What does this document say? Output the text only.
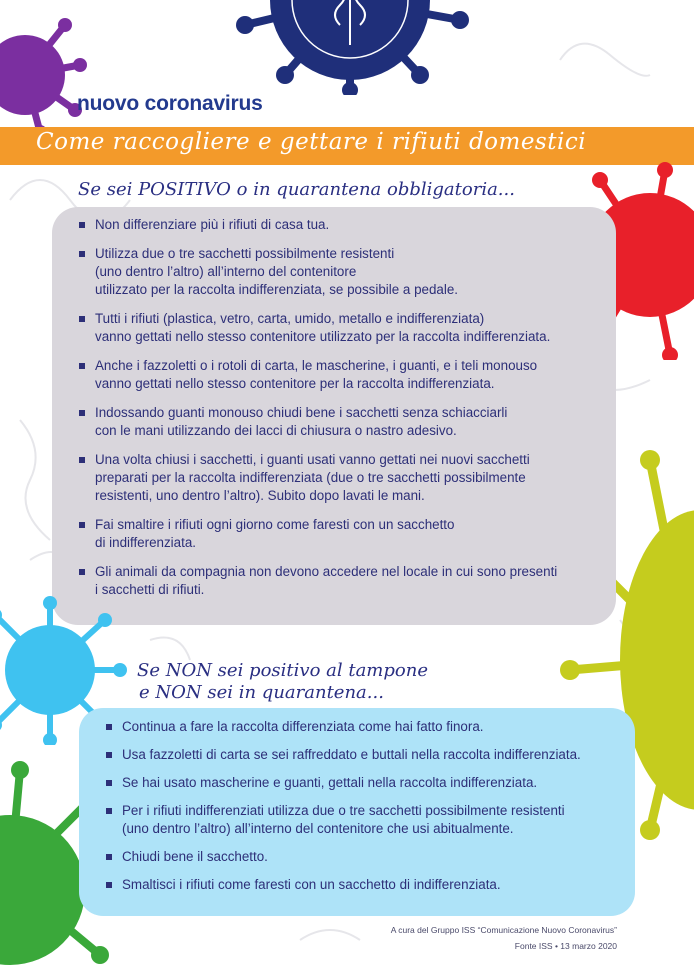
nuovo coronavirus
Come raccogliere e gettare i rifiuti domestici
Se sei POSITIVO o in quarantena obbligatoria...
Non differenziare più i rifiuti di casa tua.
Utilizza due o tre sacchetti possibilmente resistenti
(uno dentro l’altro) all’interno del contenitore
utilizzato per la raccolta indifferenziata, se possibile a pedale.
Tutti i rifiuti (plastica, vetro, carta, umido, metallo e indifferenziata)
vanno gettati nello stesso contenitore utilizzato per la raccolta indifferenziata.
Anche i fazzoletti o i rotoli di carta, le mascherine, i guanti, e i teli monouso
vanno gettati nello stesso contenitore per la raccolta indifferenziata.
Indossando guanti monouso chiudi bene i sacchetti senza schiacciarli
con le mani utilizzando dei lacci di chiusura o nastro adesivo.
Una volta chiusi i sacchetti, i guanti usati vanno gettati nei nuovi sacchetti
preparati per la raccolta indifferenziata (due o tre sacchetti possibilmente
resistenti, uno dentro l’altro). Subito dopo lavati le mani.
Fai smaltire i rifiuti ogni giorno come faresti con un sacchetto
di indifferenziata.
Gli animali da compagnia non devono accedere nel locale in cui sono presenti
i sacchetti di rifiuti.
Se NON sei positivo al tampone
e NON sei in quarantena...
Continua a fare la raccolta differenziata come hai fatto finora.
Usa fazzoletti di carta se sei raffreddato e buttali nella raccolta indifferenziata.
Se hai usato mascherine e guanti, gettali nella raccolta indifferenziata.
Per i rifiuti indifferenziati utilizza due o tre sacchetti possibilmente resistenti
(uno dentro l’altro) all’interno del contenitore che usi abitualmente.
Chiudi bene il sacchetto.
Smaltisci i rifiuti come faresti con un sacchetto di indifferenziata.
A cura del Gruppo ISS “Comunicazione Nuovo Coronavirus”
Fonte ISS • 13 marzo 2020
